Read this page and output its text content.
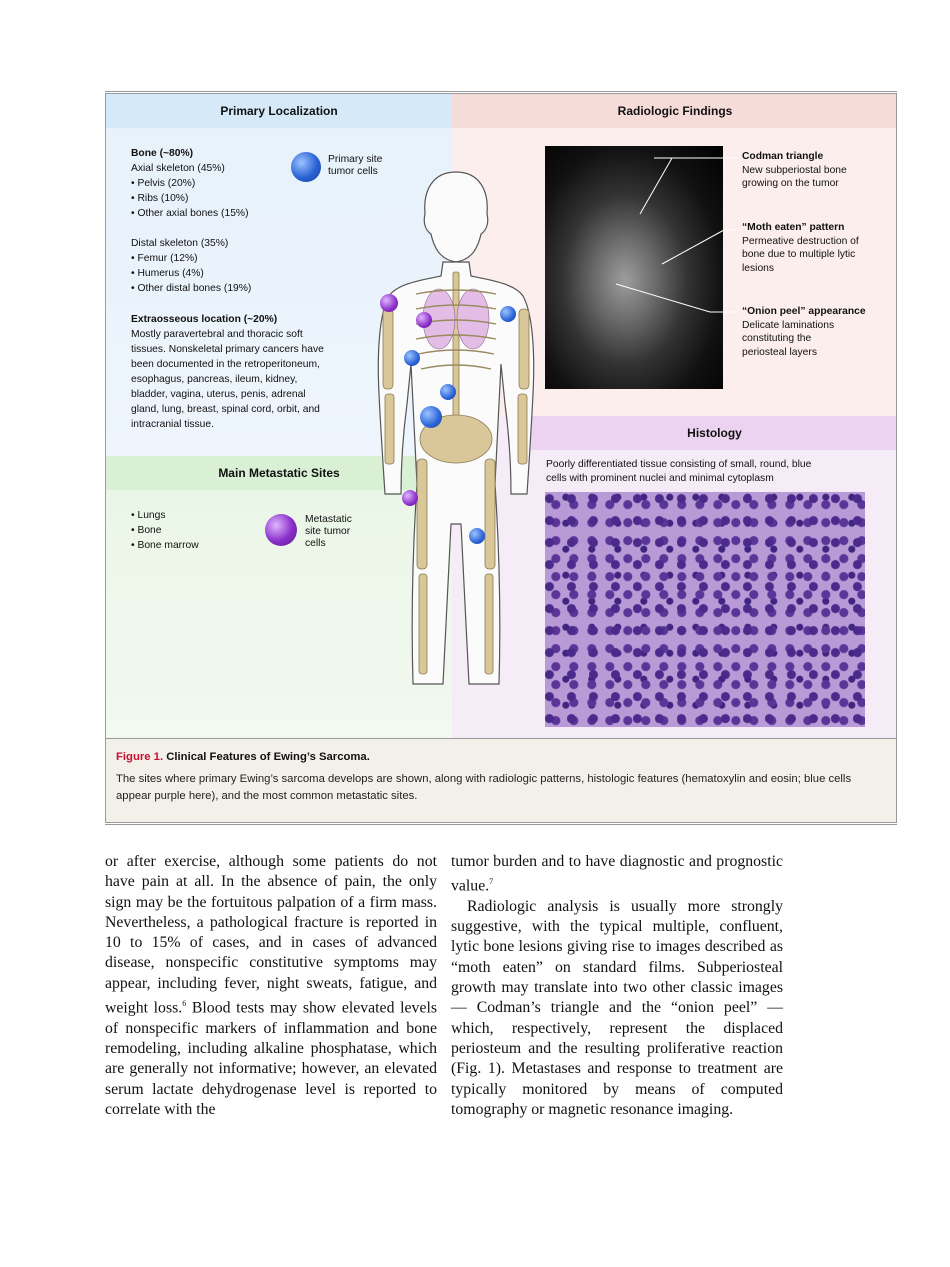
Primary Localization	Radiologic Findings
Main Metastatic Sites
Histology
Bone (~80%)
Axial skeleton (45%)
• Pelvis (20%)
• Ribs (10%)
• Other axial bones (15%)
Distal skeleton (35%)
• Femur (12%)
• Humerus (4%)
• Other distal bones (19%)
Extraosseous location (~20%)
Mostly paravertebral and thoracic soft
tissues. Nonskeletal primary cancers have
been documented in the retroperitoneum,
esophagus, pancreas, ileum, kidney,
bladder, vagina, uterus, penis, adrenal
gland, lung, breast, spinal cord, orbit, and
intracranial tissue.
Primary site
tumor cells
• Lungs
• Bone
• Bone marrow
Metastatic
site tumor
cells
Codman triangle
New subperiostal bone
growing on the tumor
“Moth eaten” pattern
Permeative destruction of
bone due to multiple lytic
lesions
“Onion peel” appearance
Delicate laminations
constituting the
periosteal layers
Poorly differentiated tissue consisting of small, round, blue
cells with prominent nuclei and minimal cytoplasm
Figure 1. Clinical Features of Ewing’s Sarcoma.
The sites where primary Ewing’s sarcoma develops are shown, along with radiologic patterns, histologic features (hematoxylin and eosin; blue cells appear purple here), and the most common metastatic sites.

or after exercise, although some patients do not have pain at all. In the absence of pain, the only sign may be the fortuitous palpation of a firm mass. Nevertheless, a pathological fracture is reported in 10 to 15% of cases, and in cases of advanced disease, nonspecific constitutive symptoms may appear, including fever, night sweats, fatigue, and weight loss.$^6$ Blood tests may show elevated levels of nonspecific markers of inflammation and bone remodeling, including alkaline phosphatase, which are generally not informative; however, an elevated serum lactate dehydrogenase level is reported to correlate with the

tumor burden and to have diagnostic and prognostic value.$^7$

Radiologic analysis is usually more strongly suggestive, with the typical multiple, confluent, lytic bone lesions giving rise to images described as “moth eaten” on standard films. Subperiosteal growth may translate into two other classic images — Codman’s triangle and the “onion peel” — which, respectively, represent the displaced periosteum and the resulting proliferative reaction (Fig. 1). Metastases and response to treatment are typically monitored by means of computed tomography or magnetic resonance imaging.
